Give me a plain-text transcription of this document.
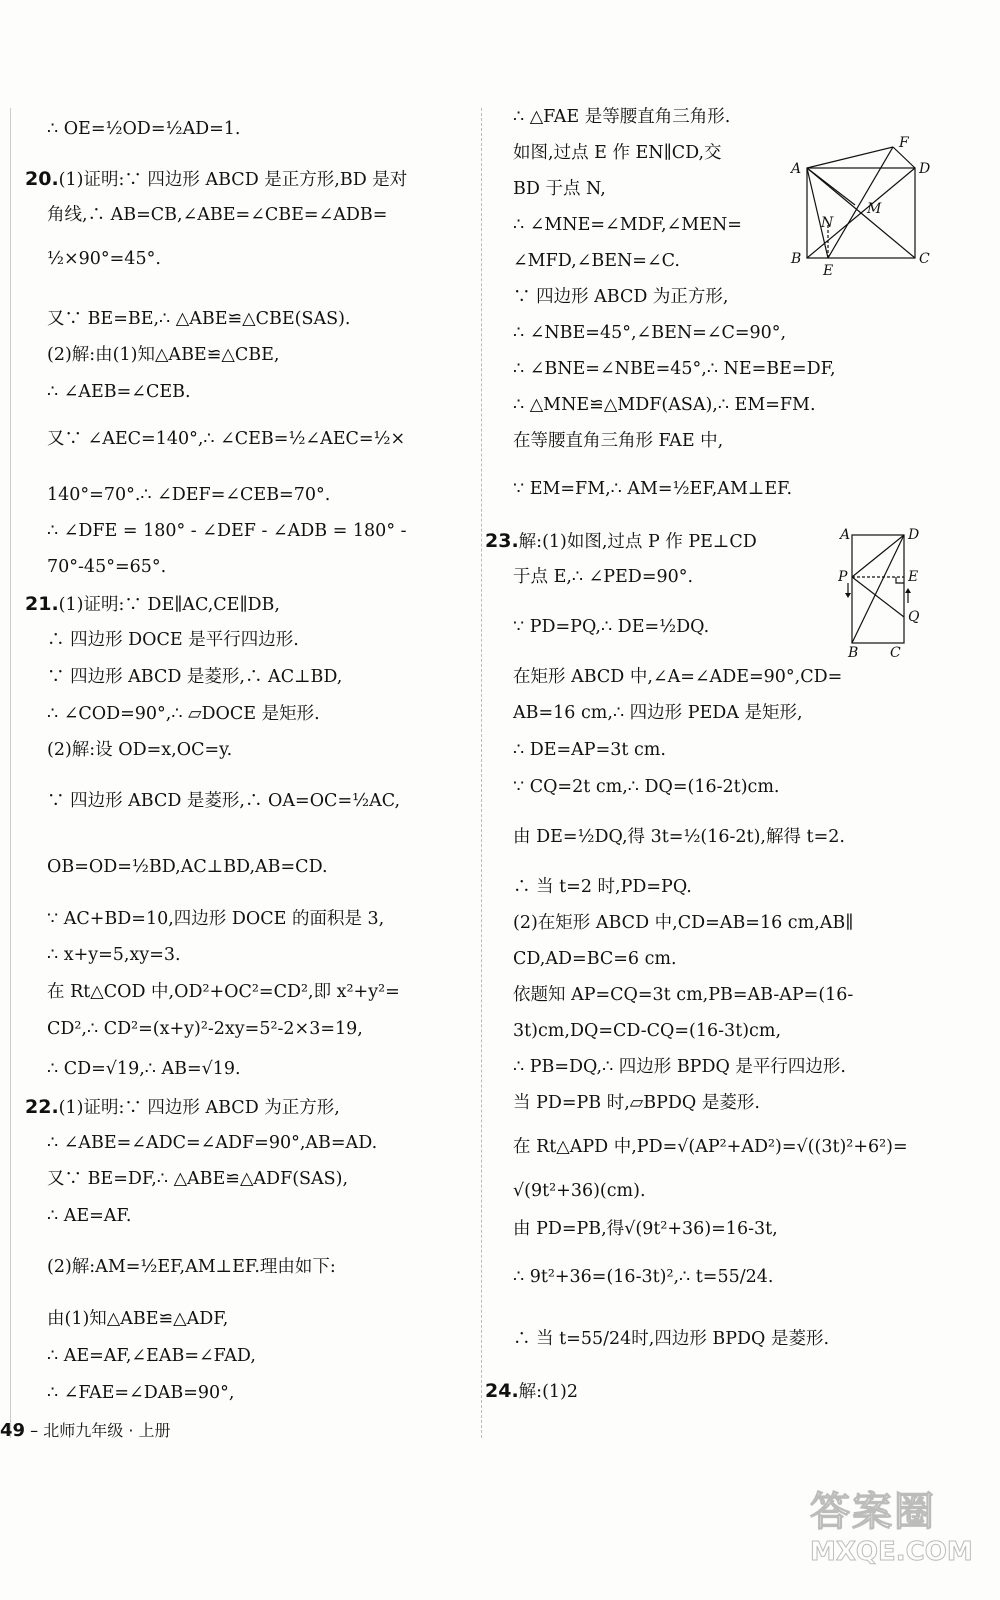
∴ OE=½OD=½AD=1.
20.(1)证明:∵ 四边形 ABCD 是正方形,BD 是对
角线,∴ AB=CB,∠ABE=∠CBE=∠ADB=
½×90°=45°.
又∵ BE=BE,∴ △ABE≌△CBE(SAS).
(2)解:由(1)知△ABE≌△CBE,
∴ ∠AEB=∠CEB.
又∵ ∠AEC=140°,∴ ∠CEB=½∠AEC=½×
140°=70°.∴ ∠DEF=∠CEB=70°.
∴ ∠DFE = 180° - ∠DEF - ∠ADB = 180° -
70°-45°=65°.
21.(1)证明:∵ DE∥AC,CE∥DB,
∴ 四边形 DOCE 是平行四边形.
∵ 四边形 ABCD 是菱形,∴ AC⊥BD,
∴ ∠COD=90°,∴ ▱DOCE 是矩形.
(2)解:设 OD=x,OC=y.
∵ 四边形 ABCD 是菱形,∴ OA=OC=½AC,
OB=OD=½BD,AC⊥BD,AB=CD.
∵ AC+BD=10,四边形 DOCE 的面积是 3,
∴ x+y=5,xy=3.
在 Rt△COD 中,OD²+OC²=CD²,即 x²+y²=
CD²,∴ CD²=(x+y)²-2xy=5²-2×3=19,
∴ CD=√19,∴ AB=√19.
22.(1)证明:∵ 四边形 ABCD 为正方形,
∴ ∠ABE=∠ADC=∠ADF=90°,AB=AD.
又∵ BE=DF,∴ △ABE≌△ADF(SAS),
∴ AE=AF.
(2)解:AM=½EF,AM⊥EF.理由如下:
由(1)知△ABE≌△ADF,
∴ AE=AF,∠EAB=∠FAD,
∴ ∠FAE=∠DAB=90°,
∴ △FAE 是等腰直角三角形.
如图,过点 E 作 EN∥CD,交
BD 于点 N,
∴ ∠MNE=∠MDF,∠MEN=
∠MFD,∠BEN=∠C.
∵ 四边形 ABCD 为正方形,
∴ ∠NBE=45°,∠BEN=∠C=90°,
∴ ∠BNE=∠NBE=45°,∴ NE=BE=DF,
∴ △MNE≌△MDF(ASA),∴ EM=FM.
在等腰直角三角形 FAE 中,
∵ EM=FM,∴ AM=½EF,AM⊥EF.
23.解:(1)如图,过点 P 作 PE⊥CD
于点 E,∴ ∠PED=90°.
∵ PD=PQ,∴ DE=½DQ.
在矩形 ABCD 中,∠A=∠ADE=90°,CD=
AB=16 cm,∴ 四边形 PEDA 是矩形,
∴ DE=AP=3t cm.
∵ CQ=2t cm,∴ DQ=(16-2t)cm.
由 DE=½DQ,得 3t=½(16-2t),解得 t=2.
∴ 当 t=2 时,PD=PQ.
(2)在矩形 ABCD 中,CD=AB=16 cm,AB∥
CD,AD=BC=6 cm.
依题知 AP=CQ=3t cm,PB=AB-AP=(16-
3t)cm,DQ=CD-CQ=(16-3t)cm,
∴ PB=DQ,∴ 四边形 BPDQ 是平行四边形.
当 PD=PB 时,▱BPDQ 是菱形.
在 Rt△APD 中,PD=√(AP²+AD²)=√((3t)²+6²)=
√(9t²+36)(cm).
由 PD=PB,得√(9t²+36)=16-3t,
∴ 9t²+36=(16-3t)²,∴ t=55/24.
∴ 当 t=55/24时,四边形 BPDQ 是菱形.
24.解:(1)2
A
F
D
M
N
B
E
C
A	D
P	E
Q
B C
49 – 北师九年级 · 上册
答案圈
MXQE.COM
